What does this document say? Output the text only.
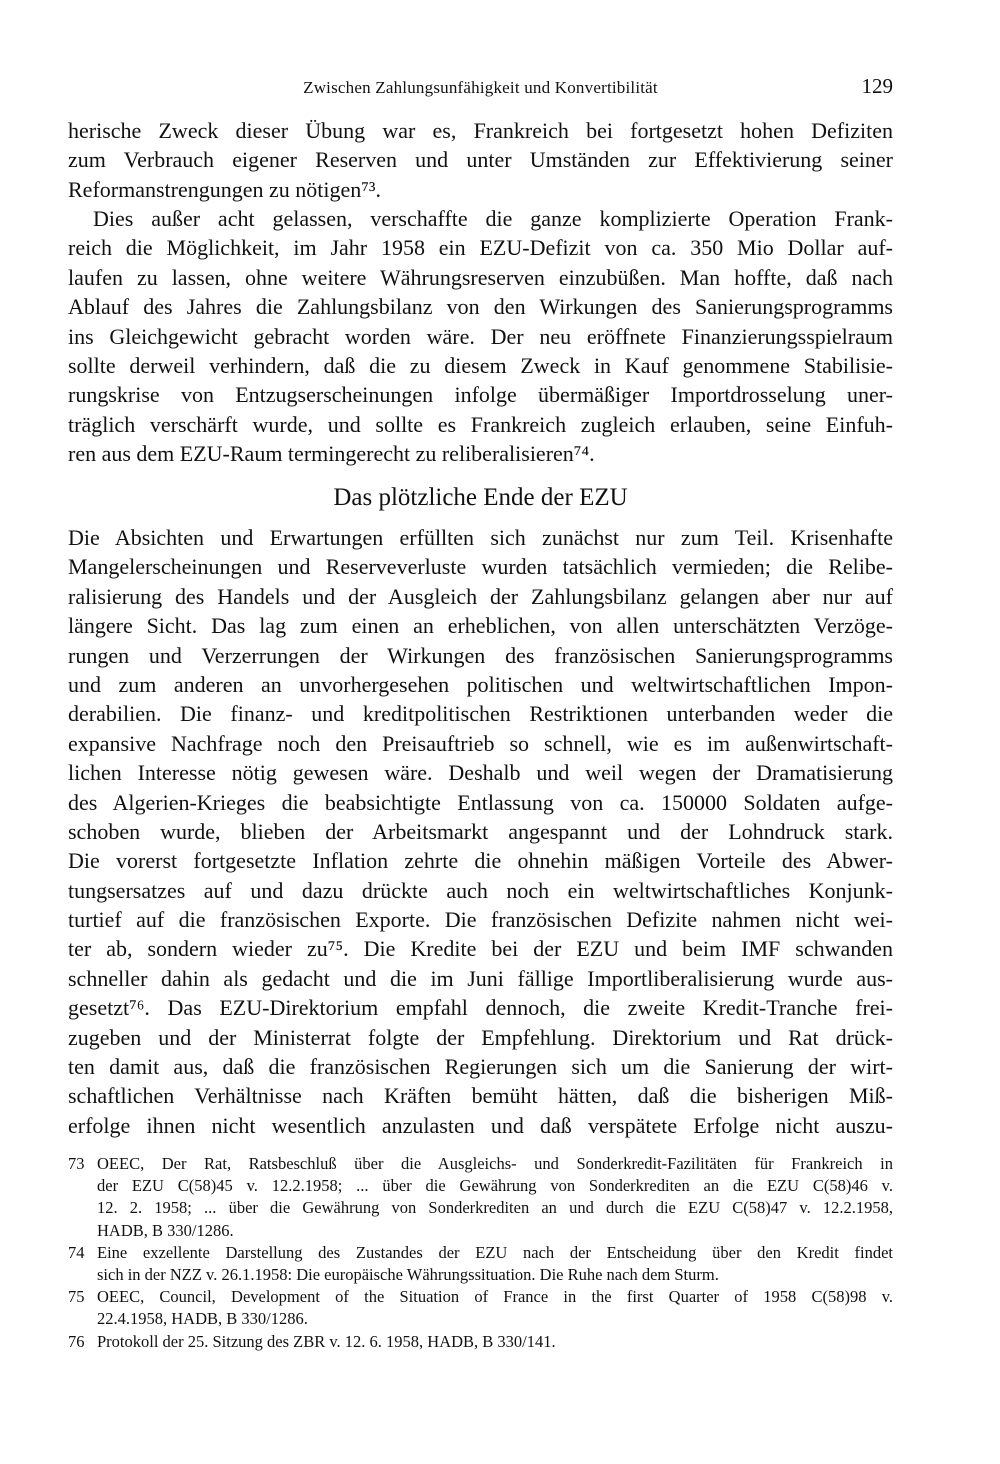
Zwischen Zahlungsunfähigkeit und Konvertibilität	129
herische Zweck dieser Übung war es, Frankreich bei fortgesetzt hohen Defiziten
zum Verbrauch eigener Reserven und unter Umständen zur Effektivierung seiner
Reformanstrengungen zu nötigen⁷³.
Dies außer acht gelassen, verschaffte die ganze komplizierte Operation Frank-
reich die Möglichkeit, im Jahr 1958 ein EZU-Defizit von ca. 350 Mio Dollar auf-
laufen zu lassen, ohne weitere Währungsreserven einzubüßen. Man hoffte, daß nach
Ablauf des Jahres die Zahlungsbilanz von den Wirkungen des Sanierungsprogramms
ins Gleichgewicht gebracht worden wäre. Der neu eröffnete Finanzierungsspielraum
sollte derweil verhindern, daß die zu diesem Zweck in Kauf genommene Stabilisie-
rungskrise von Entzugserscheinungen infolge übermäßiger Importdrosselung uner-
träglich verschärft wurde, und sollte es Frankreich zugleich erlauben, seine Einfuh-
ren aus dem EZU-Raum termingerecht zu reliberalisieren⁷⁴.
Das plötzliche Ende der EZU
Die Absichten und Erwartungen erfüllten sich zunächst nur zum Teil. Krisenhafte
Mangelerscheinungen und Reserveverluste wurden tatsächlich vermieden; die Relibe-
ralisierung des Handels und der Ausgleich der Zahlungsbilanz gelangen aber nur auf
längere Sicht. Das lag zum einen an erheblichen, von allen unterschätzten Verzöge-
rungen und Verzerrungen der Wirkungen des französischen Sanierungsprogramms
und zum anderen an unvorhergesehen politischen und weltwirtschaftlichen Impon-
derabilien. Die finanz- und kreditpolitischen Restriktionen unterbanden weder die
expansive Nachfrage noch den Preisauftrieb so schnell, wie es im außenwirtschaft-
lichen Interesse nötig gewesen wäre. Deshalb und weil wegen der Dramatisierung
des Algerien-Krieges die beabsichtigte Entlassung von ca. 150000 Soldaten aufge-
schoben wurde, blieben der Arbeitsmarkt angespannt und der Lohndruck stark.
Die vorerst fortgesetzte Inflation zehrte die ohnehin mäßigen Vorteile des Abwer-
tungsersatzes auf und dazu drückte auch noch ein weltwirtschaftliches Konjunk-
turtief auf die französischen Exporte. Die französischen Defizite nahmen nicht wei-
ter ab, sondern wieder zu⁷⁵. Die Kredite bei der EZU und beim IMF schwanden
schneller dahin als gedacht und die im Juni fällige Importliberalisierung wurde aus-
gesetzt⁷⁶. Das EZU-Direktorium empfahl dennoch, die zweite Kredit-Tranche frei-
zugeben und der Ministerrat folgte der Empfehlung. Direktorium und Rat drück-
ten damit aus, daß die französischen Regierungen sich um die Sanierung der wirt-
schaftlichen Verhältnisse nach Kräften bemüht hätten, daß die bisherigen Miß-
erfolge ihnen nicht wesentlich anzulasten und daß verspätete Erfolge nicht auszu-
73 OEEC, Der Rat, Ratsbeschluß über die Ausgleichs- und Sonderkredit-Fazilitäten für Frankreich in
der EZU C(58)45 v. 12.2.1958; ... über die Gewährung von Sonderkrediten an die EZU C(58)46 v.
12. 2. 1958; ... über die Gewährung von Sonderkrediten an und durch die EZU C(58)47 v. 12.2.1958,
HADB, B 330/1286.
74 Eine exzellente Darstellung des Zustandes der EZU nach der Entscheidung über den Kredit findet
sich in der NZZ v. 26.1.1958: Die europäische Währungssituation. Die Ruhe nach dem Sturm.
75 OEEC, Council, Development of the Situation of France in the first Quarter of 1958 C(58)98 v.
22.4.1958, HADB, B 330/1286.
76 Protokoll der 25. Sitzung des ZBR v. 12. 6. 1958, HADB, B 330/141.
